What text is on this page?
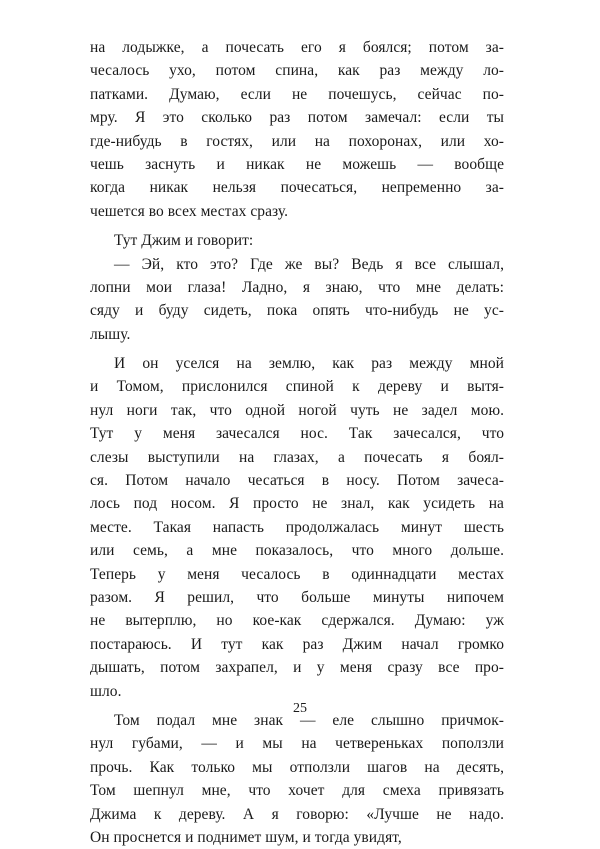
на лодыжке, а почесать его я боялся; потом за-
чесалось ухо, потом спина, как раз между ло-
патками. Думаю, если не почешусь, сейчас по-
мру. Я это сколько раз потом замечал: если ты
где-нибудь в гостях, или на похоронах, или хо-
чешь заснуть и никак не можешь — вообще
когда никак нельзя почесаться, непременно за-
чешется во всех местах сразу.
Тут Джим и говорит:
— Эй, кто это? Где же вы? Ведь я все слышал,
лопни мои глаза! Ладно, я знаю, что мне делать:
сяду и буду сидеть, пока опять что-нибудь не ус-
лышу.
И он уселся на землю, как раз между мной
и Томом, прислонился спиной к дереву и вытя-
нул ноги так, что одной ногой чуть не задел мою.
Тут у меня зачесался нос. Так зачесался, что
слезы выступили на глазах, а почесать я боял-
ся. Потом начало чесаться в носу. Потом зачеса-
лось под носом. Я просто не знал, как усидеть на
месте. Такая напасть продолжалась минут шесть
или семь, а мне показалось, что много дольше.
Теперь у меня чесалось в одиннадцати местах
разом. Я решил, что больше минуты нипочем
не вытерплю, но кое-как сдержался. Думаю: уж
постараюсь. И тут как раз Джим начал громко
дышать, потом захрапел, и у меня сразу все про-
шло.
Том подал мне знак — еле слышно причмок-
нул губами, — и мы на четвереньках поползли
прочь. Как только мы отползли шагов на десять,
Том шепнул мне, что хочет для смеха привязать
Джима к дереву. А я говорю: «Лучше не надо.
Он проснется и поднимет шум, и тогда увидят,
25
